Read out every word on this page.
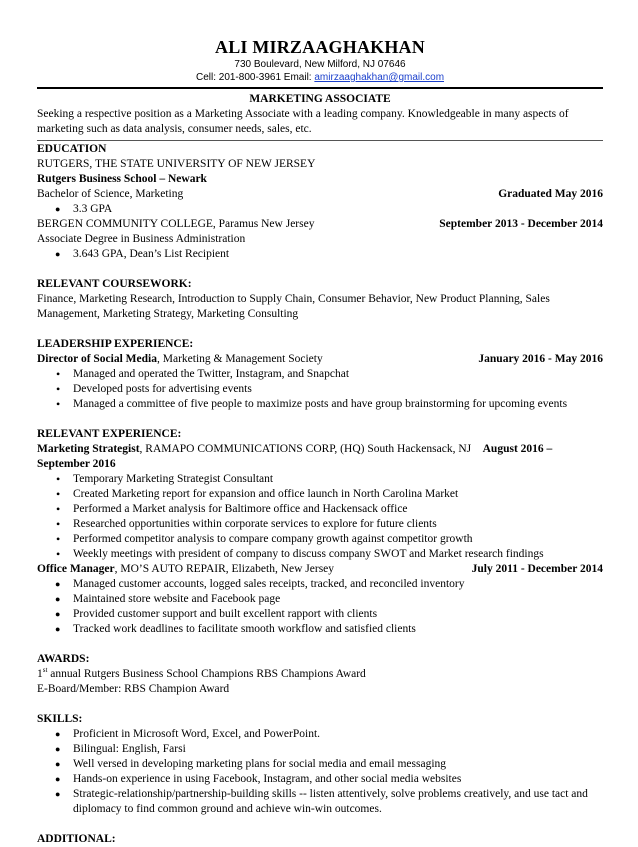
ALI MIRZAAGHAKHAN
730 Boulevard, New Milford, NJ 07646
Cell: 201-800-3961 Email: amirzaaghakhan@gmail.com
MARKETING ASSOCIATE
Seeking a respective position as a Marketing Associate with a leading company. Knowledgeable in many aspects of marketing such as data analysis, consumer needs, sales, etc.
EDUCATION
RUTGERS, THE STATE UNIVERSITY OF NEW JERSEY
Rutgers Business School – Newark
Bachelor of Science, Marketing	Graduated May 2016
● 3.3 GPA
BERGEN COMMUNITY COLLEGE, Paramus New Jersey	September 2013 - December 2014
Associate Degree in Business Administration
● 3.643 GPA, Dean’s List Recipient
RELEVANT COURSEWORK:
Finance, Marketing Research, Introduction to Supply Chain, Consumer Behavior, New Product Planning, Sales Management, Marketing Strategy, Marketing Consulting
LEADERSHIP EXPERIENCE:
Director of Social Media, Marketing & Management Society	January 2016 - May 2016
• Managed and operated the Twitter, Instagram, and Snapchat
• Developed posts for advertising events
• Managed a committee of five people to maximize posts and have group brainstorming for upcoming events
RELEVANT EXPERIENCE:
Marketing Strategist, RAMAPO COMMUNICATIONS CORP, (HQ) South Hackensack, NJ August 2016 –
September 2016
• Temporary Marketing Strategist Consultant
• Created Marketing report for expansion and office launch in North Carolina Market
• Performed a Market analysis for Baltimore office and Hackensack office
• Researched opportunities within corporate services to explore for future clients
• Performed competitor analysis to compare company growth against competitor growth
• Weekly meetings with president of company to discuss company SWOT and Market research findings
Office Manager, MO’S AUTO REPAIR, Elizabeth, New Jersey	July 2011 - December 2014
● Managed customer accounts, logged sales receipts, tracked, and reconciled inventory
● Maintained store website and Facebook page
● Provided customer support and built excellent rapport with clients
● Tracked work deadlines to facilitate smooth workflow and satisfied clients
AWARDS:
1st annual Rutgers Business School Champions RBS Champions Award
E-Board/Member: RBS Champion Award
SKILLS:
● Proficient in Microsoft Word, Excel, and PowerPoint.
● Bilingual: English, Farsi
● Well versed in developing marketing plans for social media and email messaging
● Hands-on experience in using Facebook, Instagram, and other social media websites
● Strategic-relationship/partnership-building skills -- listen attentively, solve problems creatively, and use tact and diplomacy to find common ground and achieve win-win outcomes.
ADDITIONAL:
